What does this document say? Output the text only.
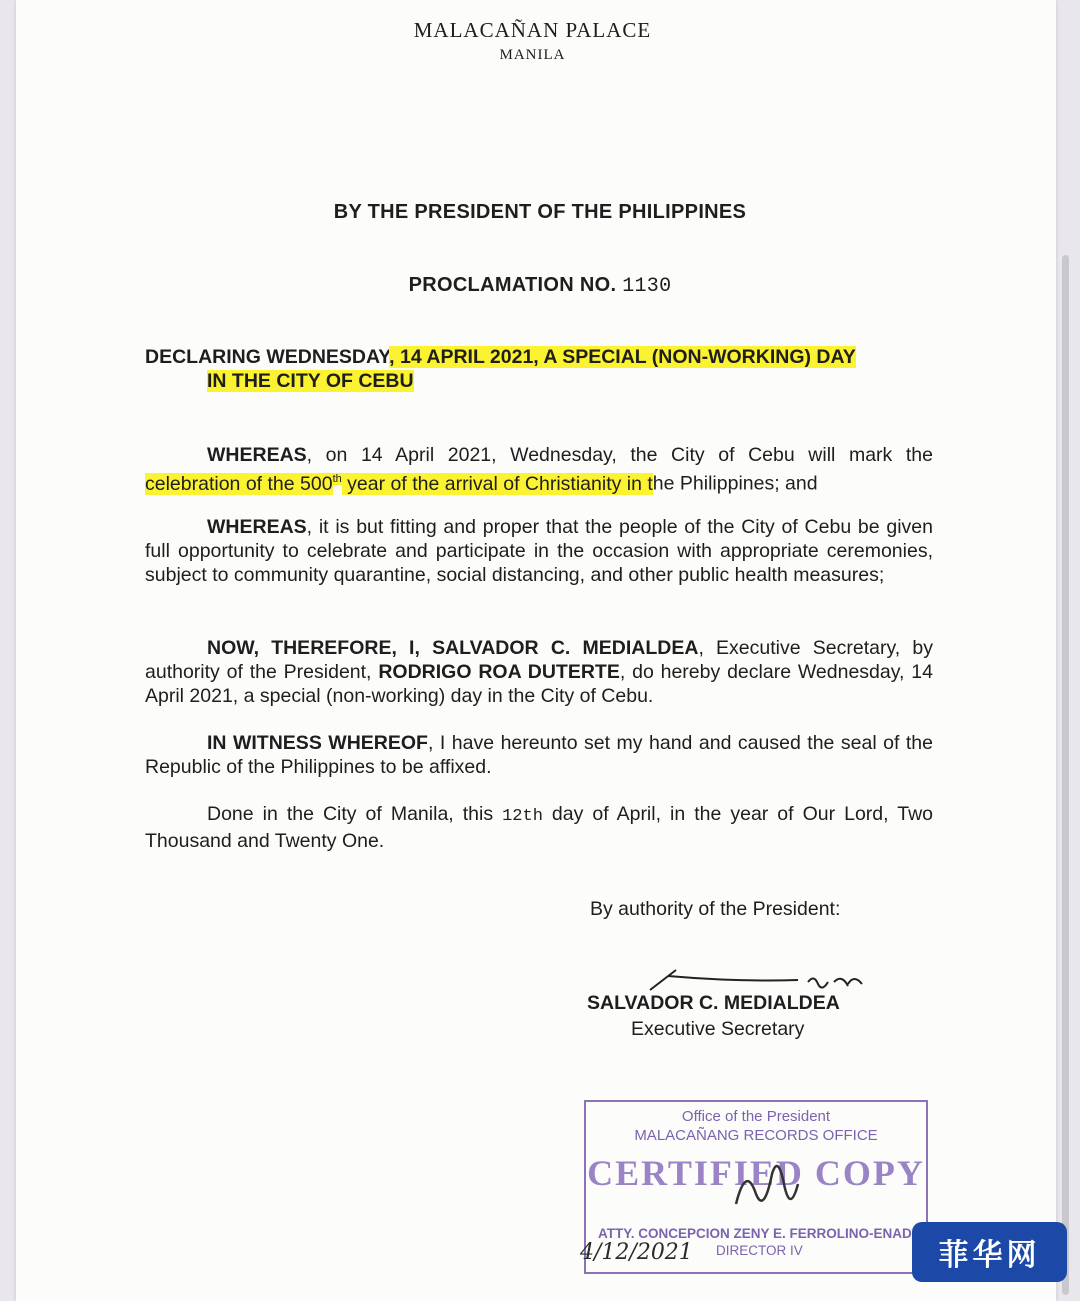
MALACAÑAN PALACE
MANILA
BY THE PRESIDENT OF THE PHILIPPINES
PROCLAMATION NO. 1130
DECLARING WEDNESDAY, 14 APRIL 2021, A SPECIAL (NON-WORKING) DAY
IN THE CITY OF CEBU
WHEREAS, on 14 April 2021, Wednesday, the City of Cebu will mark the celebration of the 500th year of the arrival of Christianity in the Philippines; and
WHEREAS, it is but fitting and proper that the people of the City of Cebu be given full opportunity to celebrate and participate in the occasion with appropriate ceremonies, subject to community quarantine, social distancing, and other public health measures;
NOW, THEREFORE, I, SALVADOR C. MEDIALDEA, Executive Secretary, by authority of the President, RODRIGO ROA DUTERTE, do hereby declare Wednesday, 14 April 2021, a special (non-working) day in the City of Cebu.
IN WITNESS WHEREOF, I have hereunto set my hand and caused the seal of the Republic of the Philippines to be affixed.
Done in the City of Manila, this 12th day of April, in the year of Our Lord, Two Thousand and Twenty One.
By authority of the President:
SALVADOR C. MEDIALDEA
Executive Secretary
Office of the President
MALACAÑANG RECORDS OFFICE
CERTIFIED COPY
ATTY. CONCEPCION ZENY E. FERROLINO-ENAD
DIRECTOR IV
4/12/2021	菲华网
